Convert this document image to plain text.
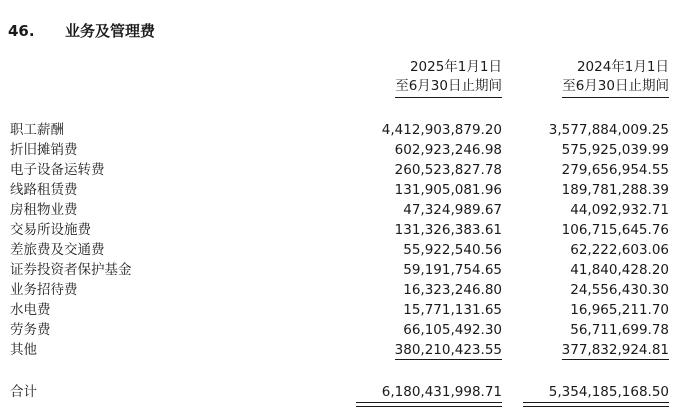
46.	业务及管理费
2025年1月1日
至6月30日止期间
2024年1月1日
至6月30日止期间
职工薪酬	4,412,903,879.20	3,577,884,009.25
折旧摊销费	602,923,246.98	575,925,039.99
电子设备运转费	260,523,827.78	279,656,954.55
线路租赁费	131,905,081.96	189,781,288.39
房租物业费	47,324,989.67	44,092,932.71
交易所设施费	131,326,383.61	106,715,645.76
差旅费及交通费	55,922,540.56	62,222,603.06
证券投资者保护基金	59,191,754.65	41,840,428.20
业务招待费	16,323,246.80	24,556,430.30
水电费	15,771,131.65	16,965,211.70
劳务费	66,105,492.30	56,711,699.78
其他	380,210,423.55	377,832,924.81
合计	6,180,431,998.71	5,354,185,168.50
